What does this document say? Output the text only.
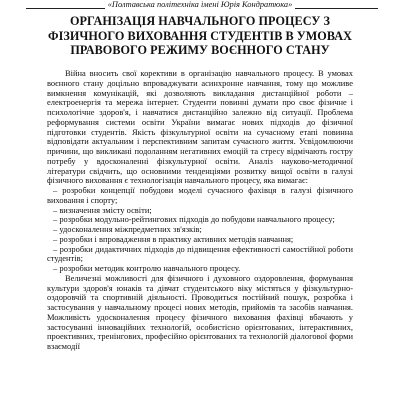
«Полтавська політехніка імені Юрія Кондратюка»
ОРГАНІЗАЦІЯ НАВЧАЛЬНОГО ПРОЦЕСУ З ФІЗИЧНОГО ВИХОВАННЯ СТУДЕНТІВ В УМОВАХ ПРАВОВОГО РЕЖИМУ ВОЄННОГО СТАНУ

Війна вносить свої корективи в організацію навчального процесу. В умовах воєнного стану доцільно впроваджувати асинхронне навчання, тому що можливе вимкнення комунікацій, які дозволяють викладання дистанційної роботи – електроенергія та мережа інтернет. Студенти повинні думати про своє фізичне і психологічне здоров'я, і навчатися дистанційно залежно від ситуації. Проблема реформування системи освіти України вимагає нових підходів до фізичної підготовки студентів. Якість фізкультурної освіти на сучасному етапі повинна відповідати актуальним і перспективним запитам сучасного життя. Усвідомлюючи причини, що викликані подоланням негативних емоцій та стресу відмічають гостру потребу у вдосконаленні фізкультурної освіти. Аналіз науково-методичної літератури свідчить, що основними тенденціями розвитку вищої освіти в галузі фізичного виховання є технологізація навчального процесу, яка вимагає:

– розробки концепції побудови моделі сучасного фахівця в галузі фізичного виховання і спорту;

– визначення змісту освіти;

– розробки модульно-рейтингових підходів до побудови навчального процесу;

– удосконалення міжпредметних зв'язків;

– розробки і впровадження в практику активних методів навчання;

– розробки дидактичних підходів до підвищення ефективності самостійної роботи студентів;

– розробки методик контролю навчального процесу.

Величезні можливості для фізичного і духовного оздоровлення, формування культури здоров'я юнаків та дівчат студентського віку містяться у фізкультурно-оздоровчій та спортивній діяльності. Проводиться постійний пошук, розробка і застосування у навчальному процесі нових методів, прийомів та засобів навчання. Можливість удосконалення процесу фізичного виховання фахівці вбачають у застосуванні інноваційних технологій, особистісно орієнтованих, інтерактивних, проективних, тренінгових, професійно орієнтованих та технологій діалогової форми взаємодії
